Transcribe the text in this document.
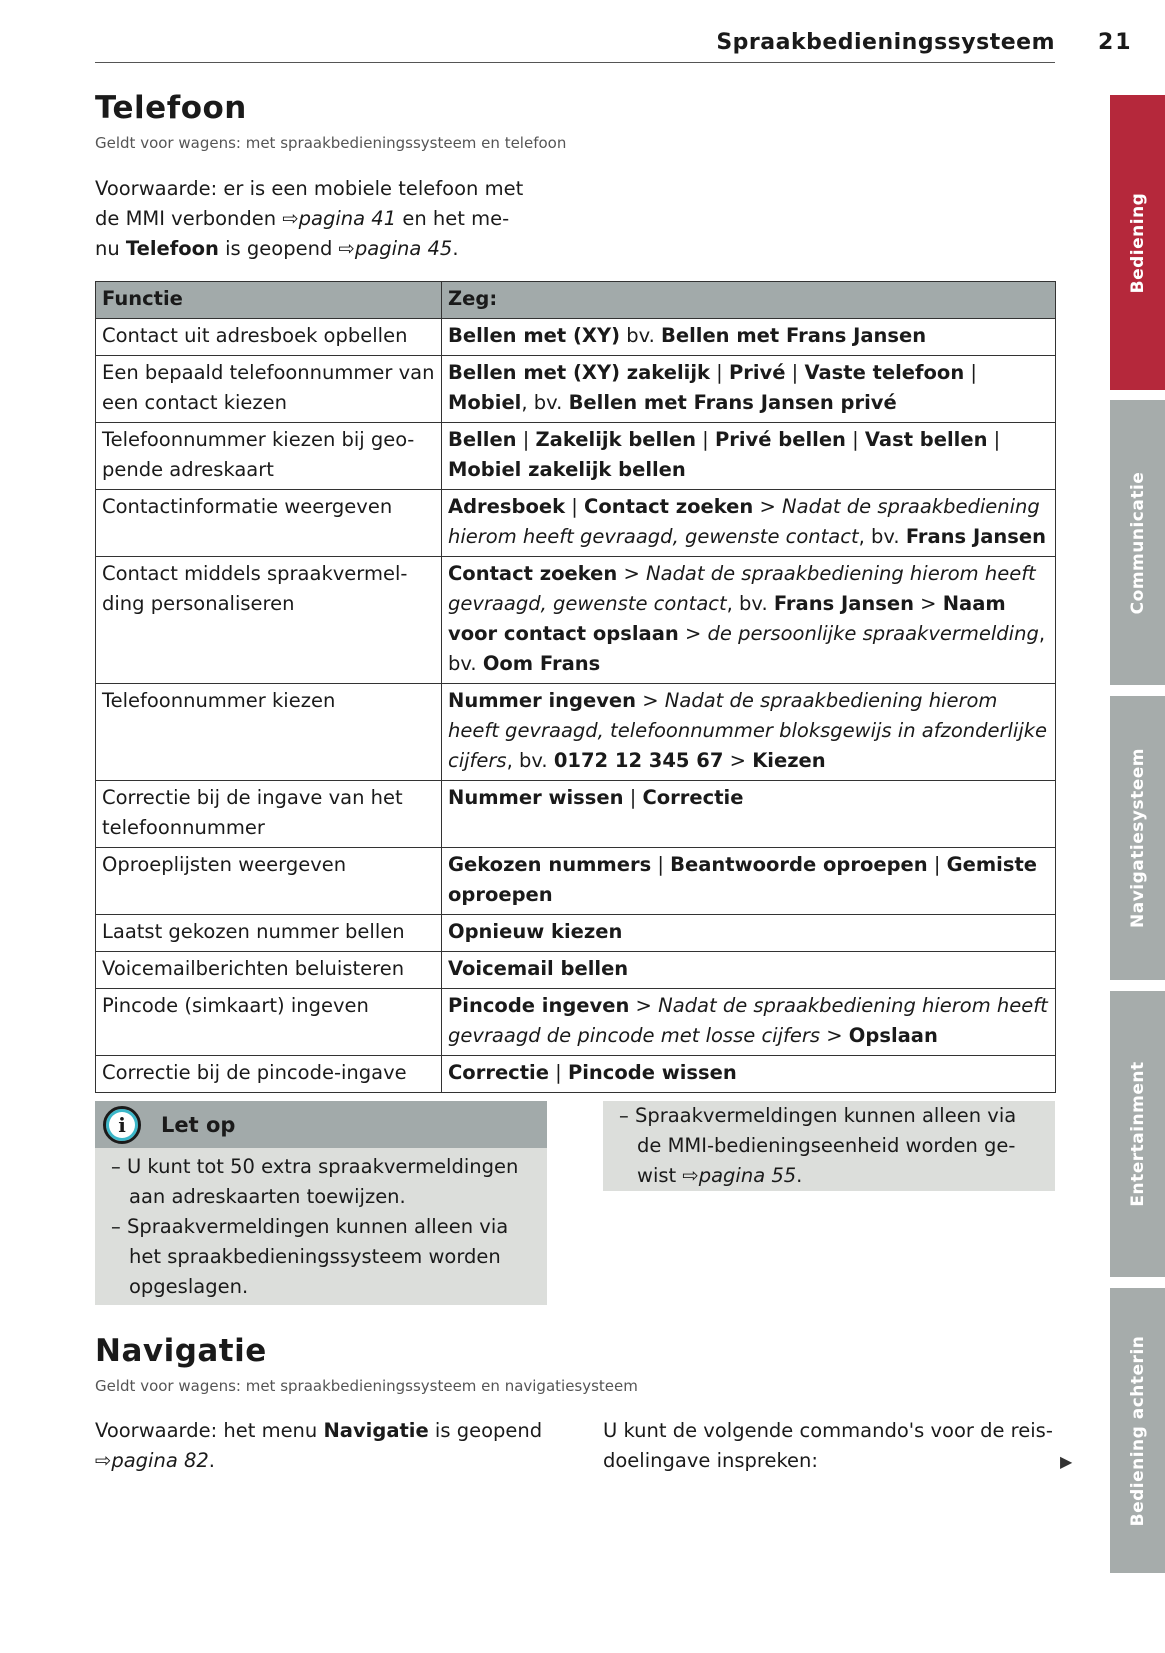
Spraakbedieningssysteem 21
Telefoon
Geldt voor wagens: met spraakbedieningssysteem en telefoon
Voorwaarde: er is een mobiele telefoon met de MMI verbonden ⇨pagina 41 en het menu Telefoon is geopend ⇨pagina 45.
Functie	Zeg:
Contact uit adresboek opbellen	Bellen met (XY) bv. Bellen met Frans Jansen
Een bepaald telefoonnummer van een contact kiezen	Bellen met (XY) zakelijk | Privé | Vaste telefoon | Mobiel, bv. Bellen met Frans Jansen privé
Telefoonnummer kiezen bij geopende adreskaart	Bellen | Zakelijk bellen | Privé bellen | Vast bellen | Mobiel zakelijk bellen
Contactinformatie weergeven	Adresboek | Contact zoeken > Nadat de spraakbediening hierom heeft gevraagd, gewenste contact, bv. Frans Jansen
Contact middels spraakvermelding personaliseren	Contact zoeken > Nadat de spraakbediening hierom heeft gevraagd, gewenste contact, bv. Frans Jansen > Naam voor contact opslaan > de persoonlijke spraakvermelding, bv. Oom Frans
Telefoonnummer kiezen	Nummer ingeven > Nadat de spraakbediening hierom heeft gevraagd, telefoonnummer bloksgewijs in afzonderlijke cijfers, bv. 0172 12 345 67 > Kiezen
Correctie bij de ingave van het telefoonnummer	Nummer wissen | Correctie
Oproeplijsten weergeven	Gekozen nummers | Beantwoorde oproepen | Gemiste oproepen
Laatst gekozen nummer bellen	Opnieuw kiezen
Voicemailberichten beluisteren	Voicemail bellen
Pincode (simkaart) ingeven	Pincode ingeven > Nadat de spraakbediening hierom heeft gevraagd de pincode met losse cijfers > Opslaan
Correctie bij de pincode-ingave	Correctie | Pincode wissen
i	Let op
– U kunt tot 50 extra spraakvermeldingen aan adreskaarten toewijzen.
– Spraakvermeldingen kunnen alleen via het spraakbedieningssysteem worden opgeslagen.
– Spraakvermeldingen kunnen alleen via de MMI-bedieningseenheid worden gewist ⇨pagina 55.
Navigatie
Geldt voor wagens: met spraakbedieningssysteem en navigatiesysteem
Voorwaarde: het menu Navigatie is geopend ⇨pagina 82.
U kunt de volgende commando's voor de reisdoelingave inspreken:	▶
Bediening
Communicatie
Navigatiesysteem
Entertainment
Bediening achterin
